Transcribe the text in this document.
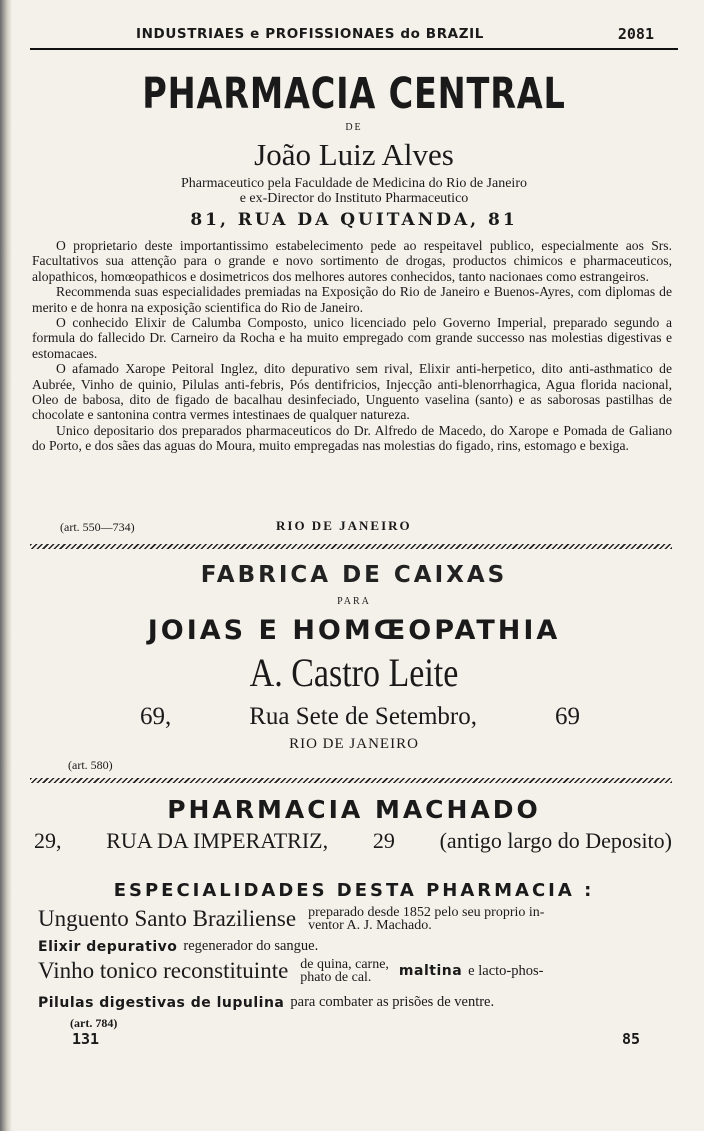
INDUSTRIAES e PROFISSIONAES do BRAZIL	2081
PHARMACIA CENTRAL
DE
João Luiz Alves
Pharmaceutico pela Faculdade de Medicina do Rio de Janeiro
e ex-Director do Instituto Pharmaceutico
81, RUA DA QUITANDA, 81

O proprietario deste importantissimo estabelecimento pede ao respeitavel publico, especialmente aos Srs. Facultativos sua attenção para o grande e novo sortimento de drogas, productos chimicos e pharmaceuticos, alopathicos, homœopathicos e dosimetricos dos melhores autores conhecidos, tanto nacionaes como estrangeiros.

Recommenda suas especialidades premiadas na Exposição do Rio de Janeiro e Buenos-Ayres, com diplomas de merito e de honra na exposição scientifica do Rio de Janeiro.

O conhecido Elixir de Calumba Composto, unico licenciado pelo Governo Imperial, preparado segundo a formula do fallecido Dr. Carneiro da Rocha e ha muito empregado com grande successo nas molestias digestivas e estomacaes.

O afamado Xarope Peitoral Inglez, dito depurativo sem rival, Elixir anti-herpetico, dito anti-asthmatico de Aubrée, Vinho de quinio, Pilulas anti-febris, Pós dentifricios, Injecção anti-blenorrhagica, Agua florida nacional, Oleo de babosa, dito de figado de bacalhau desinfeciado, Unguento vaselina (santo) e as saborosas pastilhas de chocolate e santonina contra vermes intestinaes de qualquer natureza.

Unico depositario dos preparados pharmaceuticos do Dr. Alfredo de Macedo, do Xarope e Pomada de Galiano do Porto, e dos sães das aguas do Moura, muito empregadas nas molestias do figado, rins, estomago e bexiga.

(art. 550—734)	RIO DE JANEIRO
FABRICA DE CAIXAS
PARA
JOIAS E HOMŒOPATHIA
A. Castro Leite
69,	Rua Sete de Setembro,	69
RIO DE JANEIRO
(art. 580)
PHARMACIA MACHADO
29, RUA DA IMPERATRIZ, 29 (antigo largo do Deposito)
ESPECIALIDADES DESTA PHARMACIA :
Unguento Santo Braziliense preparado desde 1852 pelo seu proprio in-
ventor A. J. Machado.
Elixir depurativo regenerador do sangue.
Vinho tonico reconstituinte de quina, carne,
phato de cal.	maltina e lacto-phos-
Pilulas digestivas de lupulina para combater as prisões de ventre.
(art. 784)
131	85
